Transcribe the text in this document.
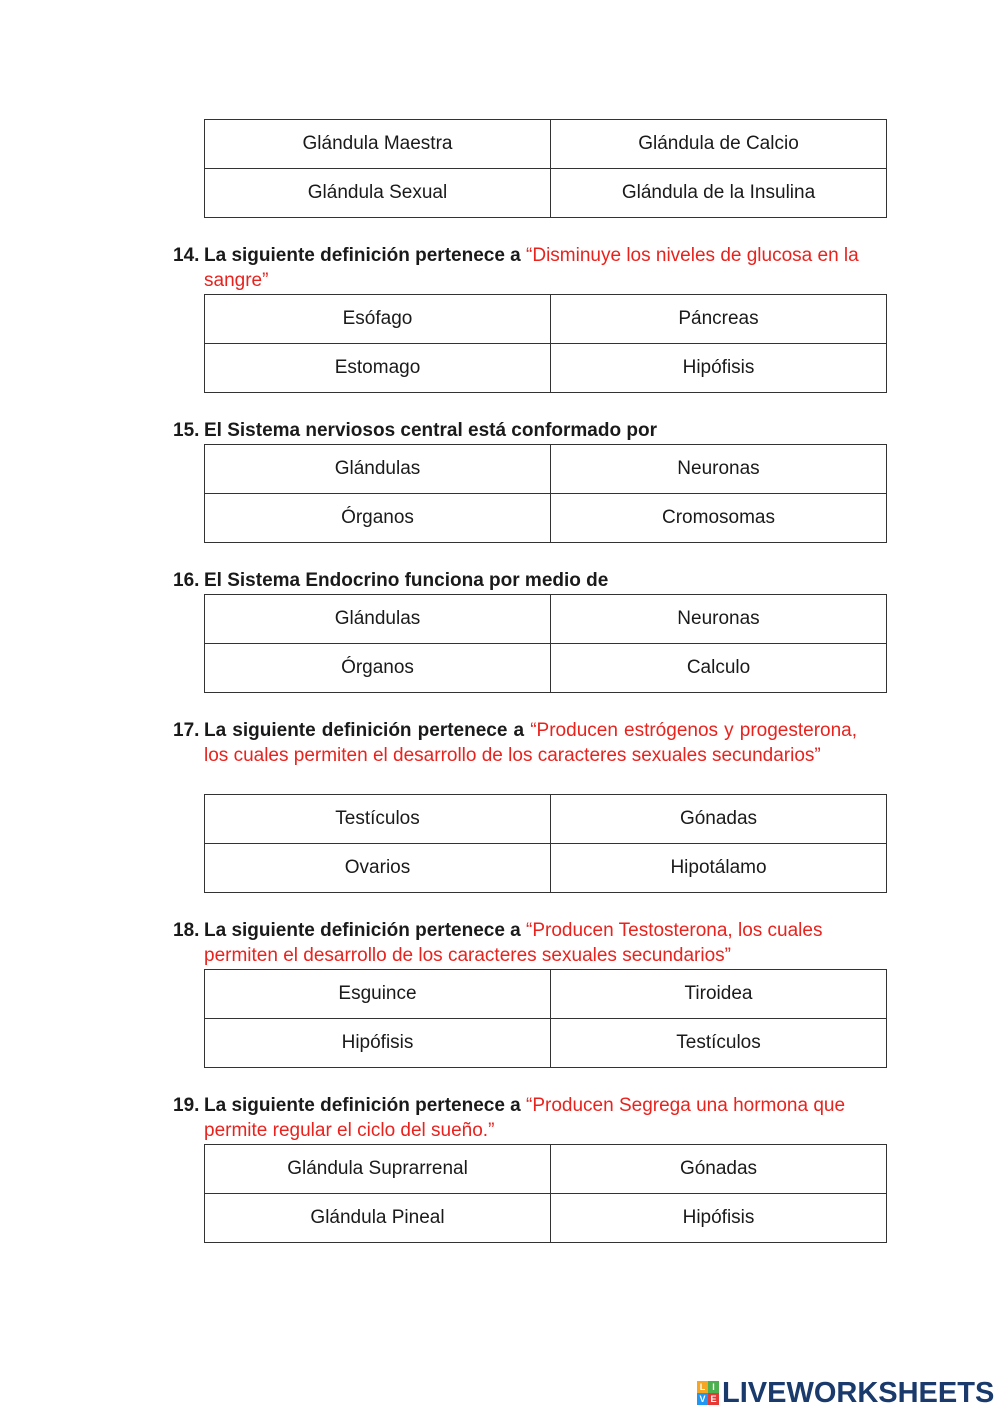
Glándula Maestra	Glándula de Calcio
Glándula Sexual	Glándula de la Insulina
14. La siguiente definición pertenece a “Disminuye los niveles de glucosa en la sangre”
Esófago	Páncreas
Estomago	Hipófisis
15. El Sistema nerviosos central está conformado por
Glándulas	Neuronas
Órganos	Cromosomas
16. El Sistema Endocrino funciona por medio de
Glándulas	Neuronas
Órganos	Calculo
17. La siguiente definición pertenece a “Producen estrógenos y progesterona, los cuales permiten el desarrollo de los caracteres sexuales secundarios”
Testículos	Gónadas
Ovarios	Hipotálamo
18. La siguiente definición pertenece a “Producen Testosterona, los cuales permiten el desarrollo de los caracteres sexuales secundarios”
Esguince	Tiroidea
Hipófisis	Testículos
19. La siguiente definición pertenece a “Producen Segrega una hormona que permite regular el ciclo del sueño.”
Glándula Suprarrenal	Gónadas
Glándula Pineal	Hipófisis
L I
V E LIVEWORKSHEETS
